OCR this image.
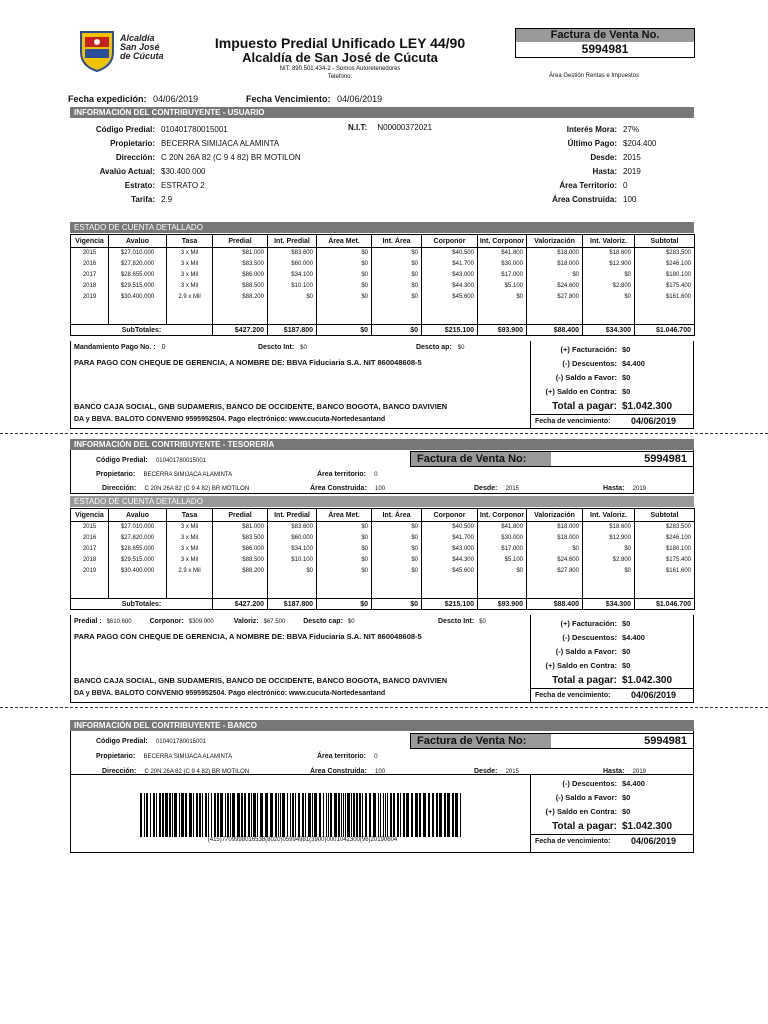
Alcaldía
San José
de Cúcuta
Impuesto Predial Unificado LEY 44/90
Alcaldía de San José de Cúcuta
NIT: 890.501.434-2 - Somos Autoretenedores
Telefono:
Factura de Venta No.
5994981
Área Gestión Rentas e Impuestos
Fecha expedición: 04/06/2019	Fecha Vencimiento: 04/06/2019
INFORMACIÓN DEL CONTRIBUYENTE - USUARIO
Código Predial:	010401780015001
Propietario:	BECERRA SIMIJACA ALAMINTA
Dirección:	C 20N 26A 82 (C 9 4 82) BR MOTILON
Avalúo Actual:	$30.400.000
Estrato:	ESTRATO 2
Tarifa:	2.9
N.I.T: N00000372021	Interés Mora:	27%
Último Pago:	$204.400
Desde:	2015
Hasta:	2019
Área Territorio:	0
Área Construida:	100
ESTADO DE CUENTA DETALLADO
Vigencia	Avaluo	Tasa	Predial	Int. Predial	Área Met.	Int. Área	Corponor	Int. Corponor	Valorización	Int. Valoriz.	Subtotal
2015	$27.010.000	3 x Mil	$81.000	$83.600	$0	$0	$40.500	$41.800	$18.000	$18.600	$283.500
2016	$27.820.000	3 x Mil	$83.500	$60.000	$0	$0	$41.700	$30.000	$18.000	$12.900	$246.100
2017	$28.655.000	3 x Mil	$86.000	$34.100	$0	$0	$43.000	$17.000	$0	$0	$180.100
2018	$29.515.000	3 x Mil	$88.500	$10.100	$0	$0	$44.300	$5.100	$24.600	$2.800	$175.400
2019	$30.400.000	2.9 x Mil	$88.200	$0	$0	$0	$45.600	$0	$27.800	$0	$161.600

SubTotales:			$427.200	$187.800	$0	$0	$215.100	$93.900	$88.400	$34.300	$1.046.700
Mandamiento Pago No. : 0	Descto Int: $0	Descto ap: $0
PARA PAGO CON CHEQUE DE GERENCIA, A NOMBRE DE: BBVA Fiduciaria S.A. NIT 860048608-5
BANCO CAJA SOCIAL, GNB SUDAMERIS, BANCO DE OCCIDENTE, BANCO BOGOTA, BANCO DAVIVIEN
DA y BBVA. BALOTO CONVENIO 9595952504. Pago electrónico: www.cucuta-Nortedesantand
(+) Facturación: $0
(-) Descuentos: $4.400
(-) Saldo a Favor: $0
(+) Saldo en Contra: $0
Total a pagar: $1.042.300
Fecha de vencimiento:	04/06/2019
INFORMACIÓN DEL CONTRIBUYENTE - TESORERÍA
Código Predial: 010401780015001
Propietario: BECERRA SIMIJACA ALAMINTA
Dirección: C 20N 26A 82 (C 9 4 82) BR MOTILON
Área territorio: 0
Área Construida: 100	Desde: 2015	Hasta: 2019
Factura de Venta No:	5994981
ESTADO DE CUENTA DETALLADO
Vigencia	Avaluo	Tasa	Predial	Int. Predial	Área Met.	Int. Área	Corponor	Int. Corponor	Valorización	Int. Valoriz.	Subtotal
2015	$27.010.000	3 x Mil	$81.000	$83.600	$0	$0	$40.500	$41.800	$18.000	$18.600	$283.500
2016	$27.820.000	3 x Mil	$83.500	$60.000	$0	$0	$41.700	$30.000	$18.000	$12.900	$246.100
2017	$28.655.000	3 x Mil	$86.000	$34.100	$0	$0	$43.000	$17.000	$0	$0	$180.100
2018	$29.515.000	3 x Mil	$88.500	$10.100	$0	$0	$44.300	$5.100	$24.600	$2.800	$175.400
2019	$30.400.000	2.9 x Mil	$88.200	$0	$0	$0	$45.600	$0	$27.800	$0	$161.600

SubTotales:			$427.200	$187.800	$0	$0	$215.100	$93.900	$88.400	$34.300	$1.046.700
Predial : $610.600	Corponor: $309.000	Valoriz: $67.500	Descto cap: $0	Descto Int: $0
PARA PAGO CON CHEQUE DE GERENCIA, A NOMBRE DE: BBVA Fiduciaria S.A. NIT 860048608-5
BANCO CAJA SOCIAL, GNB SUDAMERIS, BANCO DE OCCIDENTE, BANCO BOGOTA, BANCO DAVIVIEN
DA y BBVA. BALOTO CONVENIO 9595952504. Pago electrónico: www.cucuta-Nortedesantand
(+) Facturación: $0
(-) Descuentos: $4.400
(-) Saldo a Favor: $0
(+) Saldo en Contra: $0
Total a pagar: $1.042.300
Fecha de vencimiento:	04/06/2019
INFORMACIÓN DEL CONTRIBUYENTE - BANCO
Código Predial: 010401780015001
Propietario: BECERRA SIMIJACA ALAMINTA
Dirección: C 20N 26A 82 (C 9 4 82) BR MOTILON
Área territorio: 0
Área Construida: 100	Desde: 2015	Hasta: 2019
Factura de Venta No:	5994981
(415)7709998016538(8020)05994981(3900)0001042300(96)20190604
(-) Descuentos: $4.400
(-) Saldo a Favor: $0
(+) Saldo en Contra: $0
Total a pagar: $1.042.300
Fecha de vencimiento:	04/06/2019
